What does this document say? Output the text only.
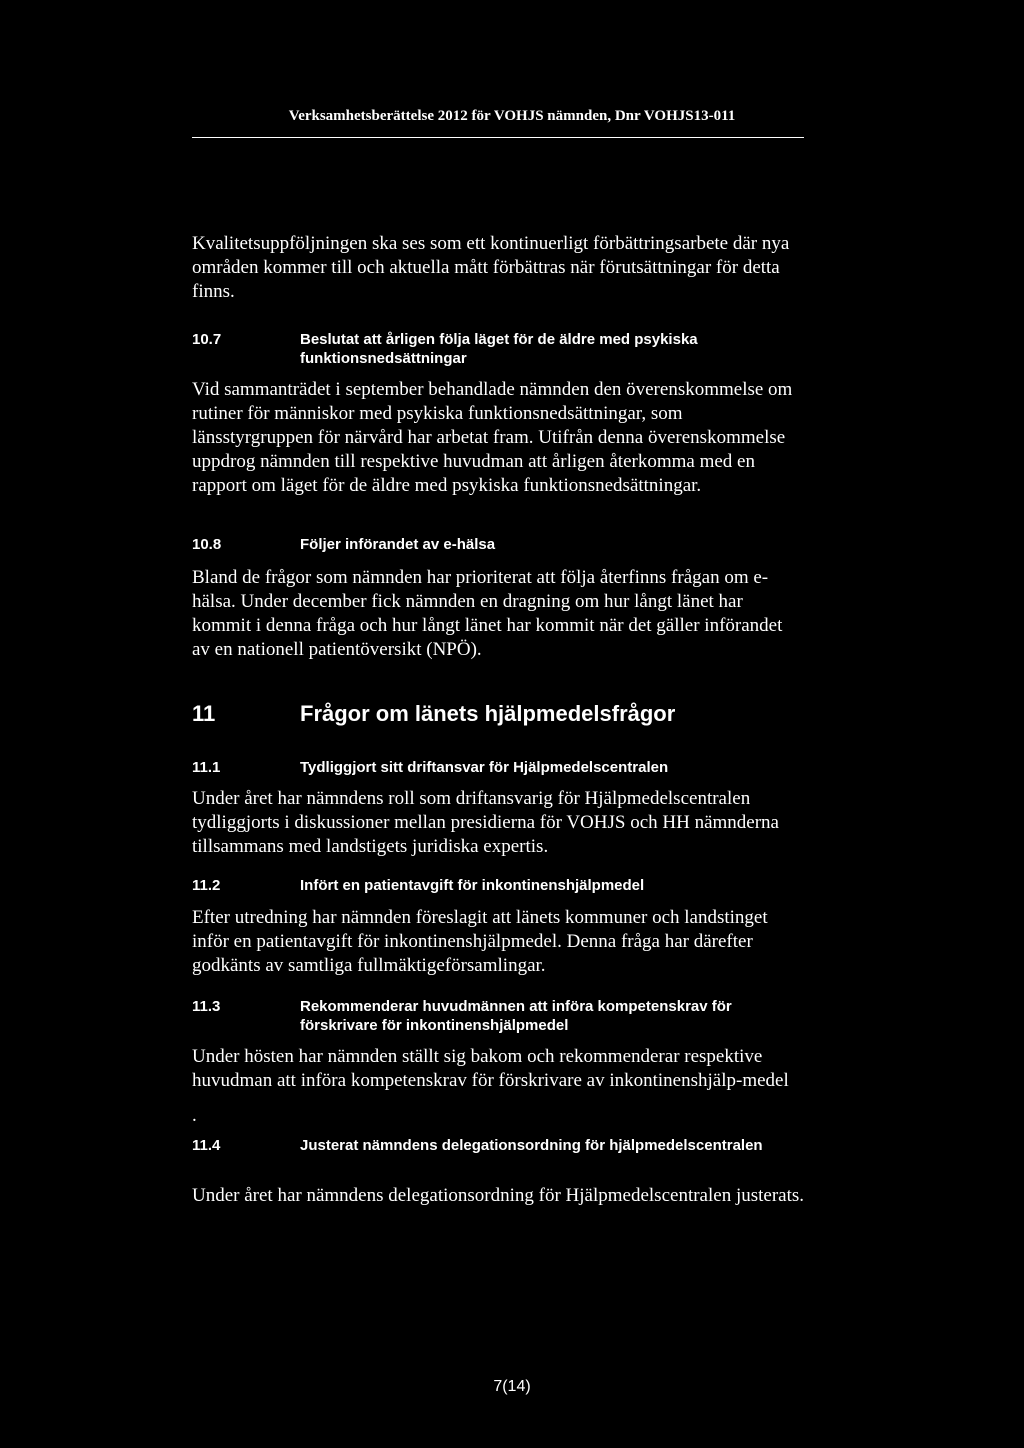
Verksamhetsberättelse 2012 för VOHJS nämnden, Dnr VOHJS13-011

Kvalitetsuppföljningen ska ses som ett kontinuerligt förbättringsarbete där nya områden kommer till och aktuella mått förbättras när förutsättningar för detta finns.

10.7	Beslutat att årligen följa läget för de äldre med psykiska funktionsnedsättningar

Vid sammanträdet i september behandlade nämnden den överenskommelse om rutiner för människor med psykiska funktionsnedsättningar, som länsstyrgruppen för närvård har arbetat fram. Utifrån denna överenskommelse uppdrog nämnden till respektive huvudman att årligen återkomma med en rapport om läget för de äldre med psykiska funktionsnedsättningar.

10.8	Följer införandet av e-hälsa

Bland de frågor som nämnden har prioriterat att följa återfinns frågan om e-hälsa. Under december fick nämnden en dragning om hur långt länet har kommit i denna fråga och hur långt länet har kommit när det gäller införandet av en nationell patientöversikt (NPÖ).

11	Frågor om länets hjälpmedelsfrågor
11.1	Tydliggjort sitt driftansvar för Hjälpmedelscentralen

Under året har nämndens roll som driftansvarig för Hjälpmedelscentralen tydliggjorts i diskussioner mellan presidierna för VOHJS och HH nämnderna tillsammans med landstigets juridiska expertis.

11.2	Infört en patientavgift för inkontinenshjälpmedel

Efter utredning har nämnden föreslagit att länets kommuner och landstinget inför en patientavgift för inkontinenshjälpmedel. Denna fråga har därefter godkänts av samtliga fullmäktigeförsamlingar.

11.3	Rekommenderar huvudmännen att införa kompetenskrav för förskrivare för inkontinenshjälpmedel

Under hösten har nämnden ställt sig bakom och rekommenderar respektive huvudman att införa kompetenskrav för förskrivare av inkontinenshjälp-medel

.
11.4	Justerat nämndens delegationsordning för hjälpmedelscentralen

Under året har nämndens delegationsordning för Hjälpmedelscentralen justerats.

7(14)
